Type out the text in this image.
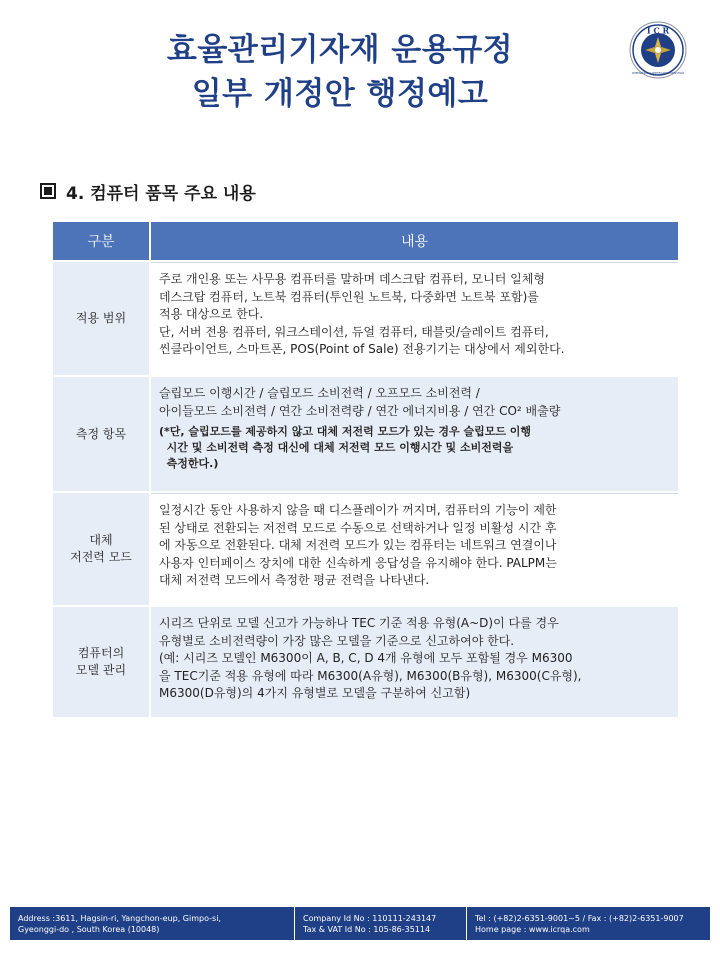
효율관리기자재 운용규정
일부 개정안 행정예고
I C R
INTERNATIONAL CERTIFICATION REGISTRAR
4. 컴퓨터 품목 주요 내용
구분	내용
적용 범위
주로 개인용 또는 사무용 컴퓨터를 말하며 데스크탑 컴퓨터, 모니터 일체형
데스크탑 컴퓨터, 노트북 컴퓨터(투인원 노트북, 다중화면 노트북 포함)를
적용 대상으로 한다.
단, 서버 전용 컴퓨터, 워크스테이션, 듀얼 컴퓨터, 태블릿/슬레이트 컴퓨터,
씬클라이언트, 스마트폰, POS(Point of Sale) 전용기기는 대상에서 제외한다.
측정 항목
슬립모드 이행시간 / 슬립모드 소비전력 / 오프모드 소비전력 /
아이들모드 소비전력 / 연간 소비전력량 / 연간 에너지비용 / 연간 CO² 배출량
(*단, 슬립모드를 제공하지 않고 대체 저전력 모드가 있는 경우 슬립모드 이행
시간 및 소비전력 측정 대신에 대체 저전력 모드 이행시간 및 소비전력을
측정한다.)
대체
저전력 모드
일정시간 동안 사용하지 않을 때 디스플레이가 꺼지며, 컴퓨터의 기능이 제한
된 상태로 전환되는 저전력 모드로 수동으로 선택하거나 일정 비활성 시간 후
에 자동으로 전환된다. 대체 저전력 모드가 있는 컴퓨터는 네트워크 연결이나
사용자 인터페이스 장치에 대한 신속하게 응답성을 유지해야 한다. PALPM는
대체 저전력 모드에서 측정한 평균 전력을 나타낸다.
컴퓨터의
모델 관리
시리즈 단위로 모델 신고가 가능하나 TEC 기준 적용 유형(A~D)이 다를 경우
유형별로 소비전력량이 가장 많은 모델을 기준으로 신고하여야 한다.
(예: 시리즈 모델인 M6300이 A, B, C, D 4개 유형에 모두 포함될 경우 M6300
을 TEC기준 적용 유형에 따라 M6300(A유형), M6300(B유형), M6300(C유형),
M6300(D유형)의 4가지 유형별로 모델을 구분하여 신고함)
Address :3611, Hagsin-ri, Yangchon-eup, Gimpo-si,
Gyeonggi-do , South Korea (10048)
Company Id No : 110111-243147
Tax & VAT Id No : 105-86-35114
Tel : (+82)2-6351-9001~5 / Fax : (+82)2-6351-9007
Home page : www.icrqa.com
